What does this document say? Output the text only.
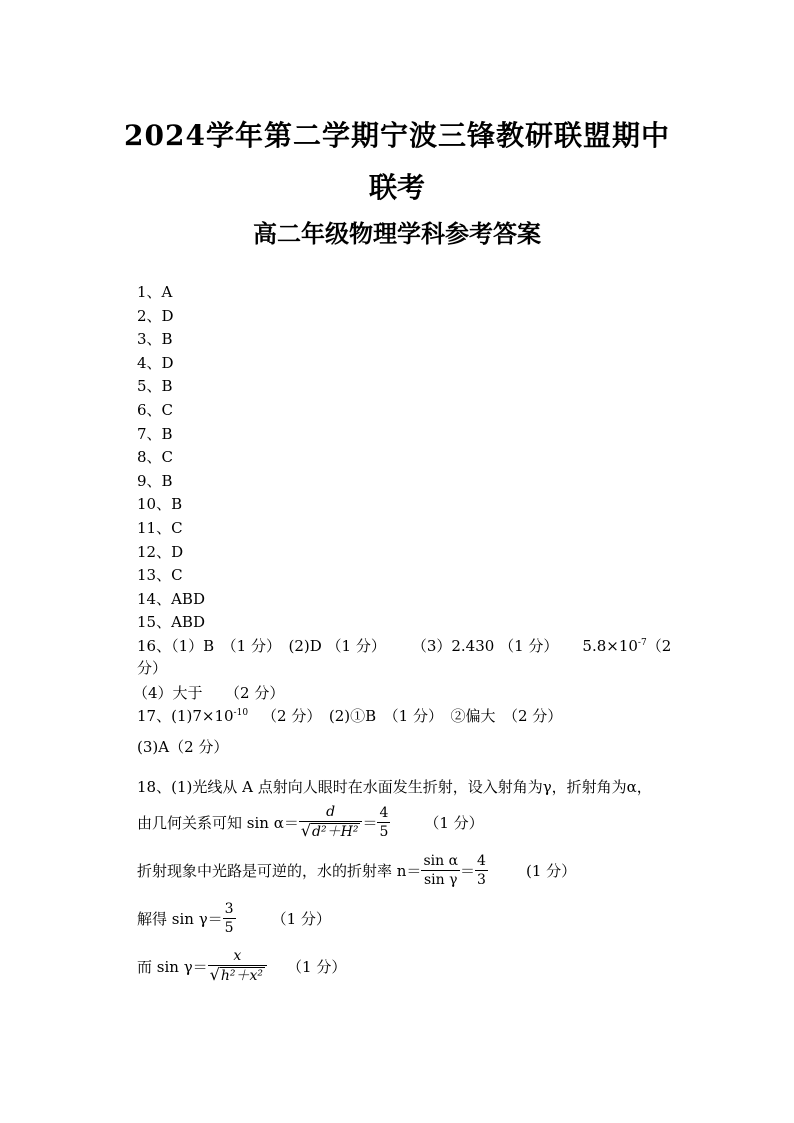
2024学年第二学期宁波三锋教研联盟期中
联考
高二年级物理学科参考答案
1、A
2、D
3、B
4、D
5、B
6、C
7、B
8、C
9、B
10、B
11、C
12、D
13、C
14、ABD
15、ABD
16、（1）B　（1 分）　(2)D （1 分） （3）2.430 （1 分） $5.8\times 10^{-7}(2$
分）
（4）大于　　（2 分）
17、$(1)7\times 10^{-10}$ （2 分）　(2)①B　（1 分）　②偏大　（2 分）
(3)A（2 分）
18、(1)光线从 A 点射向人眼时在水面发生折射，设入射角为γ，折射角为α，
由几何关系可知 $\sin \alpha= \frac{d}{\text{√d²＋H²}} = \frac{4}{5} (1$ 分）
折射现象中光路是可逆的，水的折射率 $n= \frac{\text{sin α}}{\text{sin γ}} = \frac{4}{3}$	(1 分）
解得 $\sin \gamma= \frac{3}{5} (1$ 分）
而 $\sin \gamma= \frac{x}{\text{√h²＋x²}} (1$ 分）
